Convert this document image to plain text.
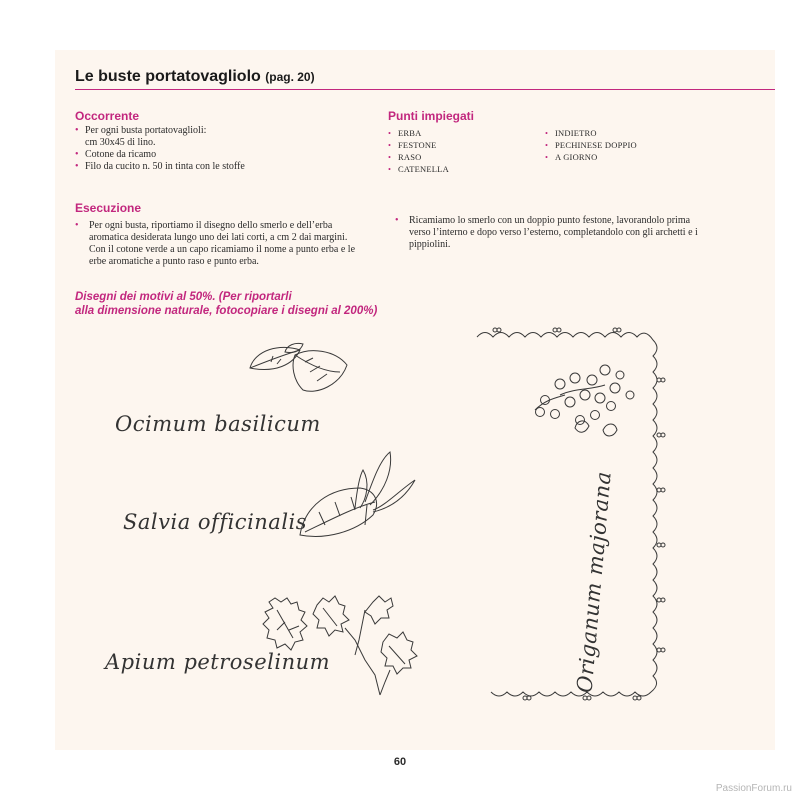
Le buste portatovagliolo (pag. 20)
Occorrente
• Per ogni busta portatovaglioli:
cm 30x45 di lino.
• Cotone da ricamo
• Filo da cucito n. 50 in tinta con le stoffe
Punti impiegati
• ERBA
• FESTONE
• RASO
• CATENELLA
• INDIETRO
• PECHINESE DOPPIO
• A GIORNO
Esecuzione
• Per ogni busta, riportiamo il disegno dello smerlo e dell’erba aromatica desiderata lungo uno dei lati corti, a cm 2 dai margini. Con il cotone verde a un capo ricamiamo il nome a punto erba e le erbe aromatiche a punto raso e punto erba.
• Ricamiamo lo smerlo con un doppio punto festone, lavorandolo prima verso l’interno e dopo verso l’esterno, completandolo con gli archetti e i pippiolini.
Disegni dei motivi al 50%. (Per riportarli
alla dimensione naturale, fotocopiare i disegni al 200%)
Ocimum basilicum
Salvia officinalis
Apium petroselinum	Origanum majorana
60
PassionForum.ru
